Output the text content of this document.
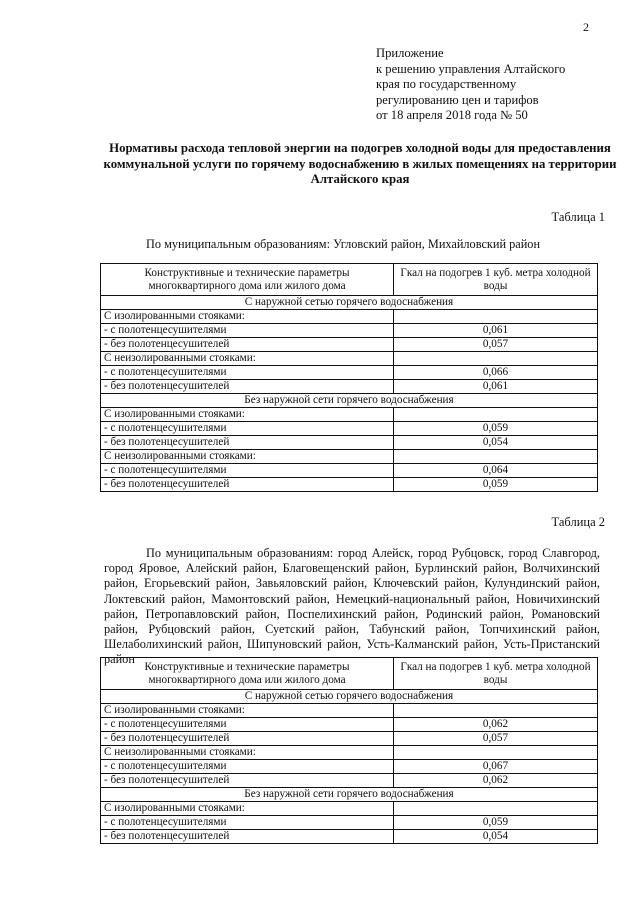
2
Приложение
к решению управления Алтайского
края по государственному
регулированию цен и тарифов
от 18 апреля 2018 года № 50
Нормативы расхода тепловой энергии на подогрев холодной воды для предоставления коммунальной услуги по горячему водоснабжению в жилых помещениях на территории Алтайского края
Таблица 1
По муниципальным образованиям: Угловский район, Михайловский район
Конструктивные и технические параметры многоквартирного дома или жилого дома	Гкал на подогрев 1 куб. метра холодной воды
С наружной сетью горячего водоснабжения	
С изолированными стояками:	
- с полотенцесушителями	0,061
- без полотенцесушителей	0,057
С неизолированными стояками:	
- с полотенцесушителями	0,066
- без полотенцесушителей	0,061
Без наружной сети горячего водоснабжения	
С изолированными стояками:	
- с полотенцесушителями	0,059
- без полотенцесушителей	0,054
С неизолированными стояками:	
- с полотенцесушителями	0,064
- без полотенцесушителей	0,059
Таблица 2
По муниципальным образованиям: город Алейск, город Рубцовск, город Славгород, город Яровое, Алейский район, Благовещенский район, Бурлинский район, Волчихинский район, Егорьевский район, Завьяловский район, Ключевский район, Кулундинский район, Локтевский район, Мамонтовский район, Немецкий-национальный район, Новичихинский район, Петропавловский район, Поспелихинский район, Родинский район, Романовский район, Рубцовский район, Суетский район, Табунский район, Топчихинский район, Шелаболихинский район, Шипуновский район, Усть-Калманский район, Усть-Пристанский район
Конструктивные и технические параметры многоквартирного дома или жилого дома	Гкал на подогрев 1 куб. метра холодной воды
С наружной сетью горячего водоснабжения	
С изолированными стояками:	
- с полотенцесушителями	0,062
- без полотенцесушителей	0,057
С неизолированными стояками:	
- с полотенцесушителями	0,067
- без полотенцесушителей	0,062
Без наружной сети горячего водоснабжения	
С изолированными стояками:	
- с полотенцесушителями	0,059
- без полотенцесушителей	0,054
